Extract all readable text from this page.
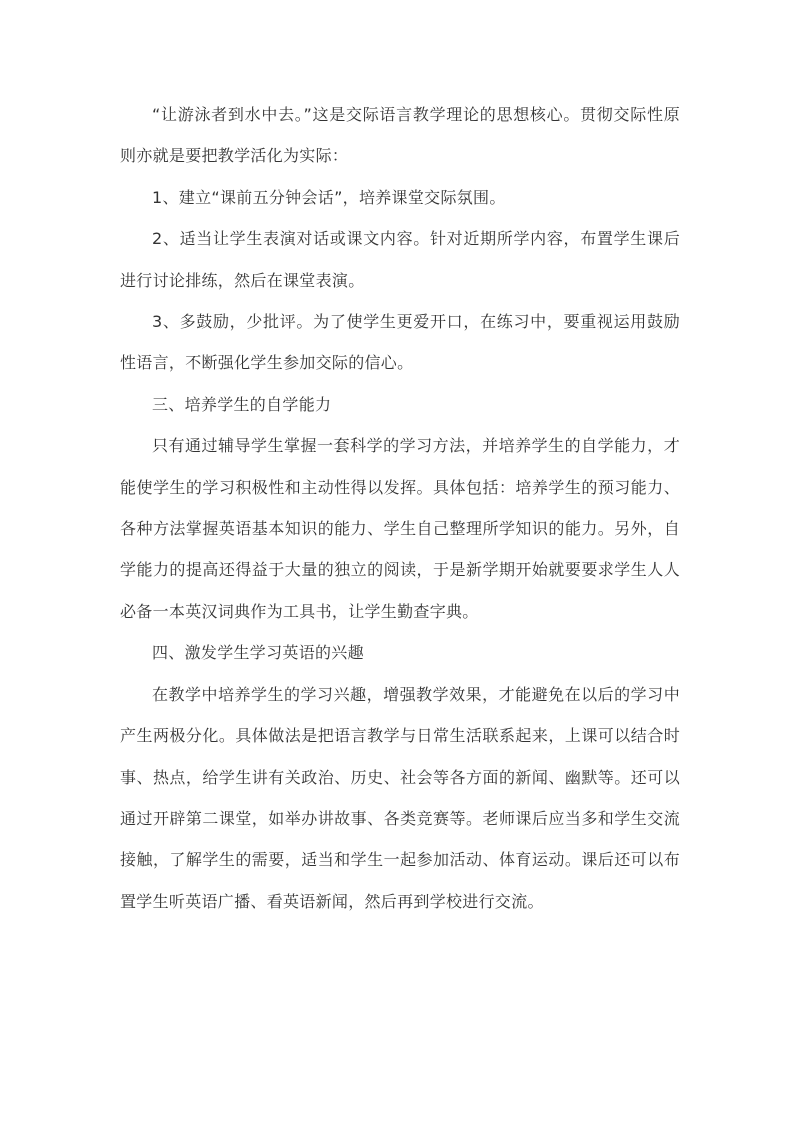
“让游泳者到水中去。”这是交际语言教学理论的思想核心。贯彻交际性原则亦就是要把教学活化为实际：

1、建立“课前五分钟会话”，培养课堂交际氛围。

2、适当让学生表演对话或课文内容。针对近期所学内容，布置学生课后进行讨论排练，然后在课堂表演。

3、多鼓励，少批评。为了使学生更爱开口，在练习中，要重视运用鼓励性语言，不断强化学生参加交际的信心。

三、培养学生的自学能力

只有通过辅导学生掌握一套科学的学习方法，并培养学生的自学能力，才能使学生的学习积极性和主动性得以发挥。具体包括：培养学生的预习能力、各种方法掌握英语基本知识的能力、学生自己整理所学知识的能力。另外，自学能力的提高还得益于大量的独立的阅读，于是新学期开始就要要求学生人人必备一本英汉词典作为工具书，让学生勤查字典。

四、激发学生学习英语的兴趣

在教学中培养学生的学习兴趣，增强教学效果，才能避免在以后的学习中产生两极分化。具体做法是把语言教学与日常生活联系起来，上课可以结合时事、热点，给学生讲有关政治、历史、社会等各方面的新闻、幽默等。还可以通过开辟第二课堂，如举办讲故事、各类竞赛等。老师课后应当多和学生交流接触，了解学生的需要，适当和学生一起参加活动、体育运动。课后还可以布置学生听英语广播、看英语新闻，然后再到学校进行交流。
